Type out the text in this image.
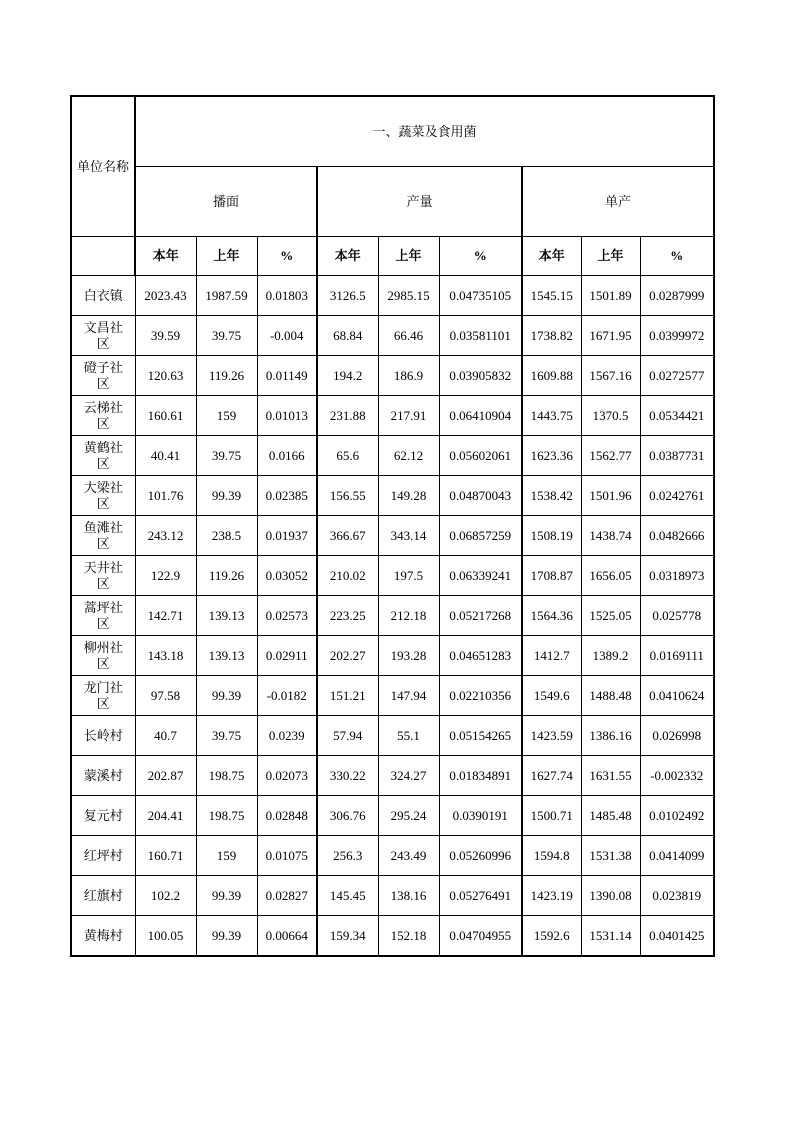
单位名称	一、蔬菜及食用菌								
	播面			产量			单产		
	本年	上年	%	本年	上年	%	本年	上年	%
白衣镇	2023.43	1987.59	0.01803	3126.5	2985.15	0.04735105	1545.15	1501.89	0.0287999
文昌社区	39.59	39.75	-0.004	68.84	66.46	0.03581101	1738.82	1671.95	0.0399972
磴子社区	120.63	119.26	0.01149	194.2	186.9	0.03905832	1609.88	1567.16	0.0272577
云梯社区	160.61	159	0.01013	231.88	217.91	0.06410904	1443.75	1370.5	0.0534421
黄鹤社区	40.41	39.75	0.0166	65.6	62.12	0.05602061	1623.36	1562.77	0.0387731
大梁社区	101.76	99.39	0.02385	156.55	149.28	0.04870043	1538.42	1501.96	0.0242761
鱼滩社区	243.12	238.5	0.01937	366.67	343.14	0.06857259	1508.19	1438.74	0.0482666
天井社区	122.9	119.26	0.03052	210.02	197.5	0.06339241	1708.87	1656.05	0.0318973
蒿坪社区	142.71	139.13	0.02573	223.25	212.18	0.05217268	1564.36	1525.05	0.025778
柳州社区	143.18	139.13	0.02911	202.27	193.28	0.04651283	1412.7	1389.2	0.0169111
龙门社区	97.58	99.39	-0.0182	151.21	147.94	0.02210356	1549.6	1488.48	0.0410624
长岭村	40.7	39.75	0.0239	57.94	55.1	0.05154265	1423.59	1386.16	0.026998
蒙溪村	202.87	198.75	0.02073	330.22	324.27	0.01834891	1627.74	1631.55	-0.002332
复元村	204.41	198.75	0.02848	306.76	295.24	0.0390191	1500.71	1485.48	0.0102492
红坪村	160.71	159	0.01075	256.3	243.49	0.05260996	1594.8	1531.38	0.0414099
红旗村	102.2	99.39	0.02827	145.45	138.16	0.05276491	1423.19	1390.08	0.023819
黄梅村	100.05	99.39	0.00664	159.34	152.18	0.04704955	1592.6	1531.14	0.0401425
